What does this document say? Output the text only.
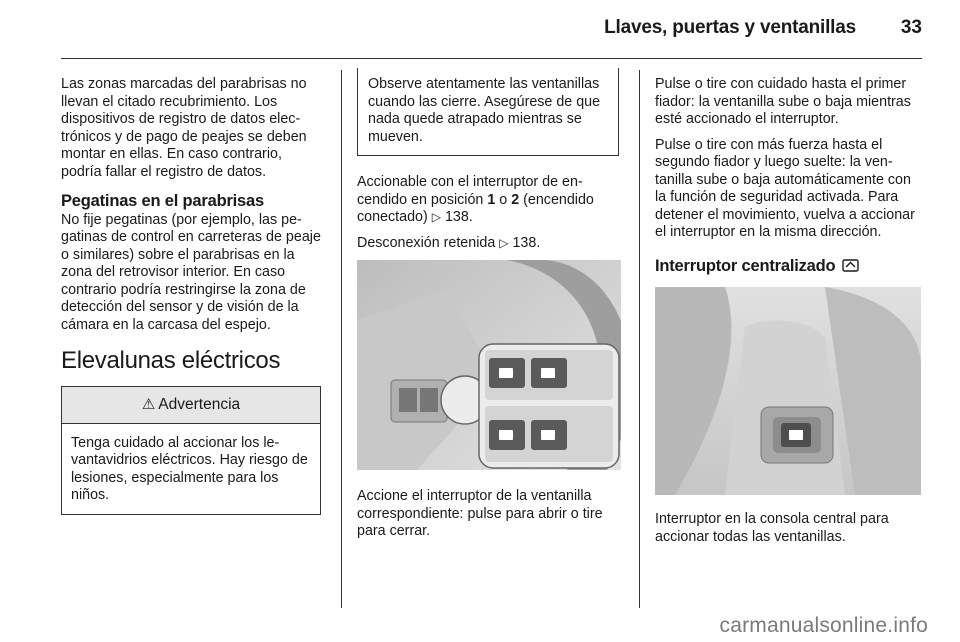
Llaves, puertas y ventanillas 33

Las zonas marcadas del parabrisas no llevan el citado recubrimiento. Los dispositivos de registro de datos electrónicos y de pago de peajes se deben montar en ellas. En caso contrario, podría fallar el registro de datos.

Pegatinas en el parabrisas

No fije pegatinas (por ejemplo, las pegatinas de control en carreteras de peaje o similares) sobre el parabrisas en la zona del retrovisor interior. En caso contrario podría restringirse la zona de detección del sensor y de visión de la cámara en la carcasa del espejo.

Elevalunas eléctricos
⚠ Advertencia
Tenga cuidado al accionar los levantavidrios eléctricos. Hay riesgo de lesiones, especialmente para los niños.
Observe atentamente las ventanillas cuando las cierre. Asegúrese de que nada quede atrapado mientras se mueven.

Accionable con el interruptor de encendido en posición 1 o 2 (encendido conectado) ▷ 138.

Desconexión retenida ▷ 138.

Accione el interruptor de la ventanilla correspondiente: pulse para abrir o tire para cerrar.

Pulse o tire con cuidado hasta el primer fiador: la ventanilla sube o baja mientras esté accionado el interruptor.

Pulse o tire con más fuerza hasta el segundo fiador y luego suelte: la ventanilla sube o baja automáticamente con la función de seguridad activada. Para detener el movimiento, vuelva a accionar el interruptor en la misma dirección.

Interruptor centralizado

Interruptor en la consola central para accionar todas las ventanillas.

carmanualsonline.info
